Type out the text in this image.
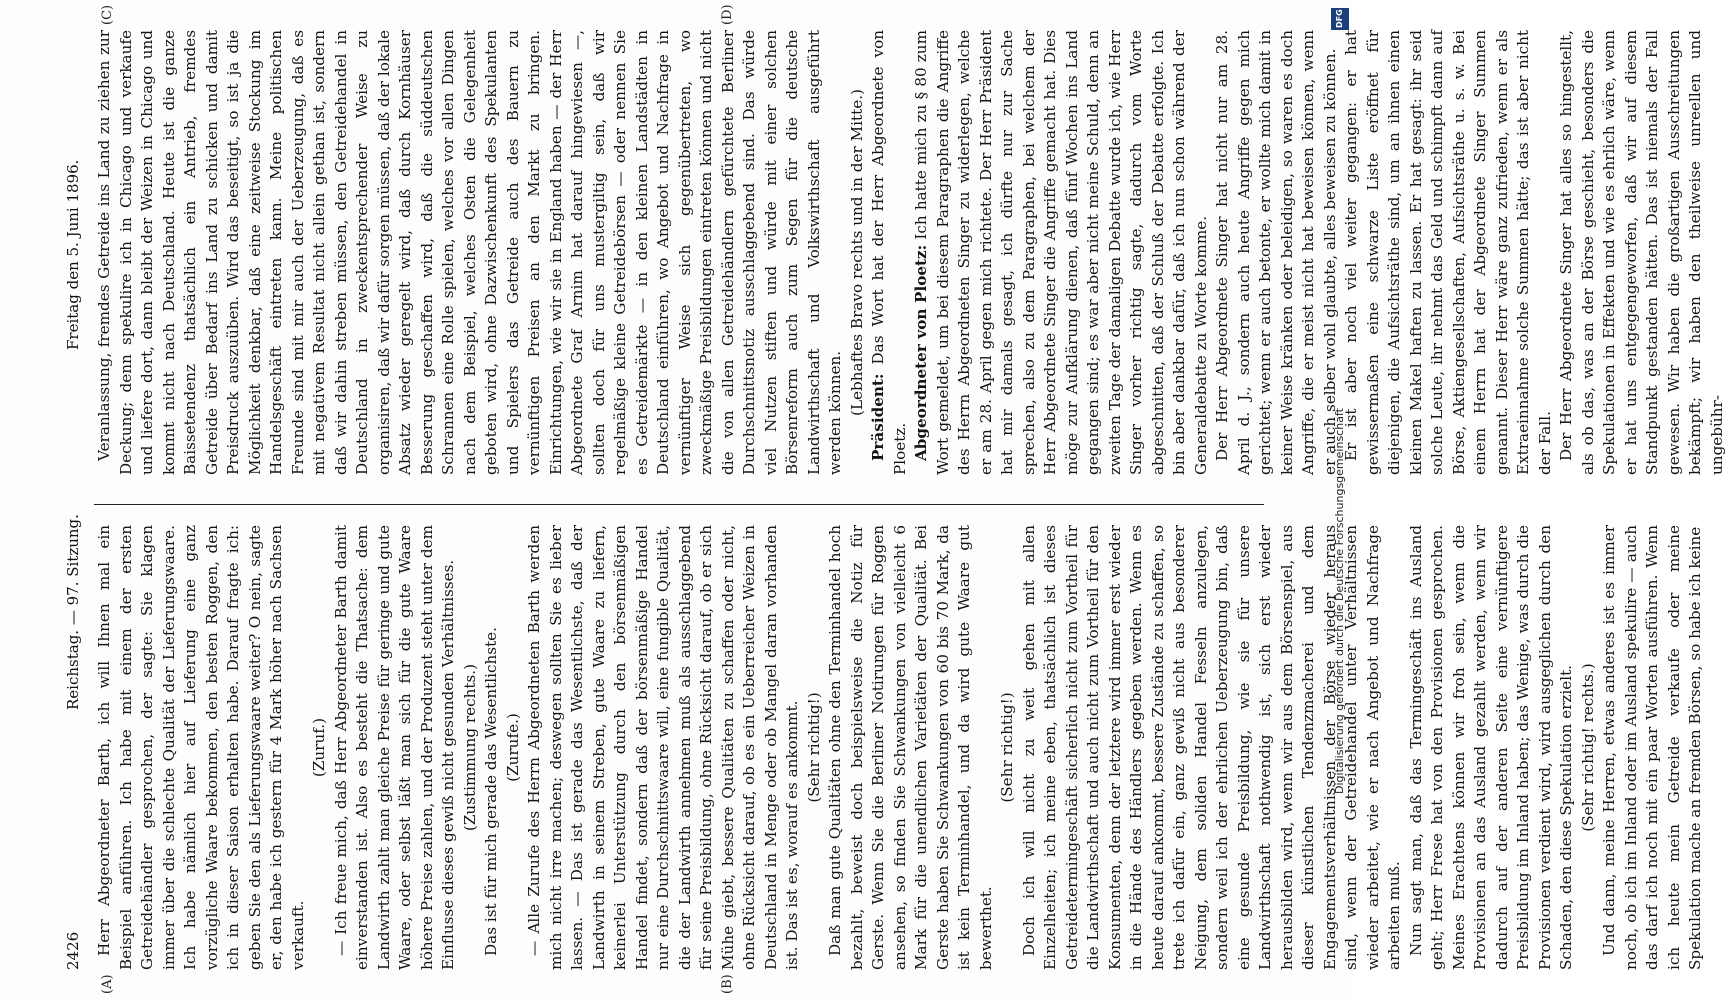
2426
Reichstag. — 97. Sitzung.
Freitag den 5. Juni 1896.
(A)	(B)
(C)	(D)

Herr Abgeordneter Barth, ich will Ihnen mal ein Beispiel anführen. Ich habe mit einem der ersten Getreidehändler gesprochen, der sagte: Sie klagen immer über die schlechte Qualität der Lieferungswaare. Ich habe nämlich hier auf Lieferung eine ganz vorzügliche Waare bekommen, den besten Roggen, den ich in dieser Saison erhalten habe. Darauf fragte ich: geben Sie den als Lieferungswaare weiter? O nein, sagte er, den habe ich gestern für 4 Mark höher nach Sachsen verkauft.

(Zuruf.) — Ich freue mich, daß Herr Abgeordneter Barth damit einverstanden ist. Also es besteht die Thatsache: dem Landwirth zahlt man gleiche Preise für geringe und gute Waare, oder selbst läßt man sich für die gute Waare höhere Preise zahlen, und der Produzent steht unter dem Einflusse dieses gewiß nicht gesunden Verhältnisses. (Zustimmung rechts.) Das ist für mich gerade das Wesentlichste. (Zurufe.) — Alle Zurufe des Herrn Abgeordneten Barth werden mich nicht irre machen; deswegen sollten Sie es lieber lassen. — Das ist gerade das Wesentlichste, daß der Landwirth in seinem Streben, gute Waare zu liefern, keinerlei Unterstützung durch den börsenmäßigen Handel findet, sondern daß der börsenmäßige Handel nur eine Durchschnittswaare will, eine fungible Qualität, die der Landwirth annehmen muß als ausschlaggebend für seine Preisbildung, ohne Rücksicht darauf, ob er sich Mühe giebt, bessere Qualitäten zu schaffen oder nicht, ohne Rücksicht darauf, ob es ein Ueberreicher Weizen in Deutschland in Menge oder ob Mangel daran vorhanden ist. Das ist es, worauf es ankommt. (Sehr richtig!) Daß man gute Qualitäten ohne den Terminhandel hoch bezahlt, beweist doch beispielsweise die Notiz für Gerste. Wenn Sie die Berliner Notirungen für Roggen ansehen, so finden Sie Schwankungen von vielleicht 6 Mark für die unendlichen Varietäten der Qualität. Bei Gerste haben Sie Schwankungen von 60 bis 70 Mark, da ist kein Terminhandel, und da wird gute Waare gut bewerthet.

(Sehr richtig!) Doch ich will nicht zu weit gehen mit allen Einzelheiten; ich meine eben, thatsächlich ist dieses Getreidetermingeschäft sicherlich nicht zum Vortheil für die Landwirthschaft und auch nicht zum Vortheil für den Konsumenten, denn der letztere wird immer erst wieder in die Hände des Händlers gegeben werden. Wenn es heute darauf ankommt, bessere Zustände zu schaffen, so trete ich dafür ein, ganz gewiß nicht aus besonderer Neigung, dem soliden Handel Fesseln anzulegen, sondern weil ich der ehrlichen Ueberzeugung bin, daß eine gesunde Preisbildung, wie sie für unsere Landwirthschaft nothwendig ist, sich erst wieder herausbilden wird, wenn wir aus dem Börsenspiel, aus dieser künstlichen Tendenzmacherei und dem Engagementsverhältnissen der Börse wieder heraus sind, wenn der Getreidehandel unter Verhältnissen wieder arbeitet, wie er nach Angebot und Nachfrage arbeiten muß. Nun sagt man, daß das Termingeschäft ins Ausland geht; Herr Frese hat von den Provisionen gesprochen. Meines Erachtens können wir froh sein, wenn die Provisionen an das Ausland gezahlt werden, wenn wir dadurch auf der anderen Seite eine vernünftigere Preisbildung im Inland haben; das Wenige, was durch die Provisionen verdient wird, wird ausgeglichen durch den Schaden, den diese Spekulation erzielt. (Sehr richtig! rechts.) Und dann, meine Herren, etwas anderes ist es immer noch, ob ich im Inland oder im Ausland spekulire — auch das darf ich noch mit ein paar Worten ausführen. Wenn ich heute mein Getreide verkaufe oder meine Spekulation mache an fremden Börsen, so habe ich keine

Veranlassung, fremdes Getreide ins Land zu ziehen zur Deckung; denn spekulire ich in Chicago und verkaufe und liefere dort, dann bleibt der Weizen in Chicago und kommt nicht nach Deutschland. Heute ist die ganze Baissetendenz thatsächlich ein Antrieb, fremdes Getreide über Bedarf ins Land zu schicken und damit Preisdruck auszuüben. Wird das beseitigt, so ist ja die Möglichkeit denkbar, daß eine zeitweise Stockung im Handelsgeschäft eintreten kann. Meine politischen Freunde sind mit mir auch der Ueberzeugung, daß es mit negativem Resultat nicht allein gethan ist, sondern daß wir dahin streben müssen, den Getreidehandel in Deutschland in zweckentsprechender Weise zu organisiren, daß wir dafür sorgen müssen, daß der lokale Absatz wieder geregelt wird, daß durch Kornhäuser Besserung geschaffen wird, daß die süddeutschen Schrannen eine Rolle spielen, welches vor allen Dingen nach dem Beispiel, welches Osten die Gelegenheit geboten wird, ohne Dazwischenkunft des Spekulanten und Spielers das Getreide auch des Bauern zu vernünftigen Preisen an den Markt zu bringen. Einrichtungen, wie wir sie in England haben — der Herr Abgeordnete Graf Arnim hat darauf hingewiesen —, sollten doch für uns mustergiltig sein, daß wir regelmäßige kleine Getreidebörsen — oder nennen Sie es Getreidemärkte — in den kleinen Landstädten in Deutschland einführen, wo Angebot und Nachfrage in vernünftiger Weise sich gegenübertreten, wo zweckmäßige Preisbildungen eintreten können und nicht die von allen Getreidehändlern gefürchtete Berliner Durchschnittsnotiz ausschlaggebend sind. Das würde viel Nutzen stiften und würde mit einer solchen Börsenreform auch zum Segen für die deutsche Landwirthschaft und Volkswirthschaft ausgeführt werden können. (Lebhaftes Bravo rechts und in der Mitte.)

Präsident: Das Wort hat der Herr Abgeordnete von Ploetz. Abgeordneter von Ploetz: Ich hatte mich zu § 80 zum Wort gemeldet, um bei diesem Paragraphen die Angriffe des Herrn Abgeordneten Singer zu widerlegen, welche er am 28. April gegen mich richtete. Der Herr Präsident hat mir damals gesagt, ich dürfte nur zur Sache sprechen, also zu dem Paragraphen, bei welchem der Herr Abgeordnete Singer die Angriffe gemacht hat. Dies möge zur Aufklärung dienen, daß fünf Wochen ins Land gegangen sind; es war aber nicht meine Schuld, denn an zweiten Tage der damaligen Debatte wurde ich, wie Herr Singer vorher richtig sagte, dadurch vom Worte abgeschnitten, daß der Schluß der Debatte erfolgte. Ich bin aber dankbar dafür, daß ich nun schon während der Generaldebatte zu Worte komme. Der Herr Abgeordnete Singer hat nicht nur am 28. April d. J., sondern auch heute Angriffe gegen mich gerichtet; wenn er auch betonte, er wollte mich damit in keiner Weise kränken oder beleidigen, so waren es doch Angriffe, die er meist nicht hat beweisen können, wenn er auch selber wohl glaubte, alles beweisen zu können. Er ist aber noch viel weiter gegangen: er hat gewissermaßen eine schwarze Liste eröffnet für diejenigen, die Aufsichtsräthe sind, um an ihnen einen kleinen Makel haften zu lassen. Er hat gesagt: ihr seid solche Leute, ihr nehmt das Geld und schimpft dann auf Börse, Aktiengesellschaften, Aufsichtsräthe u. s. w. Bei einem Herrn hat der Abgeordnete Singer Summen genannt. Dieser Herr wäre ganz zufrieden, wenn er als Extraeinnahme solche Summen hätte; das ist aber nicht der Fall. Der Herr Abgeordnete Singer hat alles so hingestellt, als ob das, was an der Börse geschieht, besonders die Spekulationen in Effekten und wie es ehrlich wäre, wenn er hat uns entgegengeworfen, daß wir auf diesem Standpunkt gestanden hätten. Das ist niemals der Fall gewesen. Wir haben die großartigen Ausschreitungen bekämpft; wir haben den theilweise unreellen und ungebühr-

DFG
Digitalisierung gefördert durch die Deutsche Forschungsgemeinschaft
